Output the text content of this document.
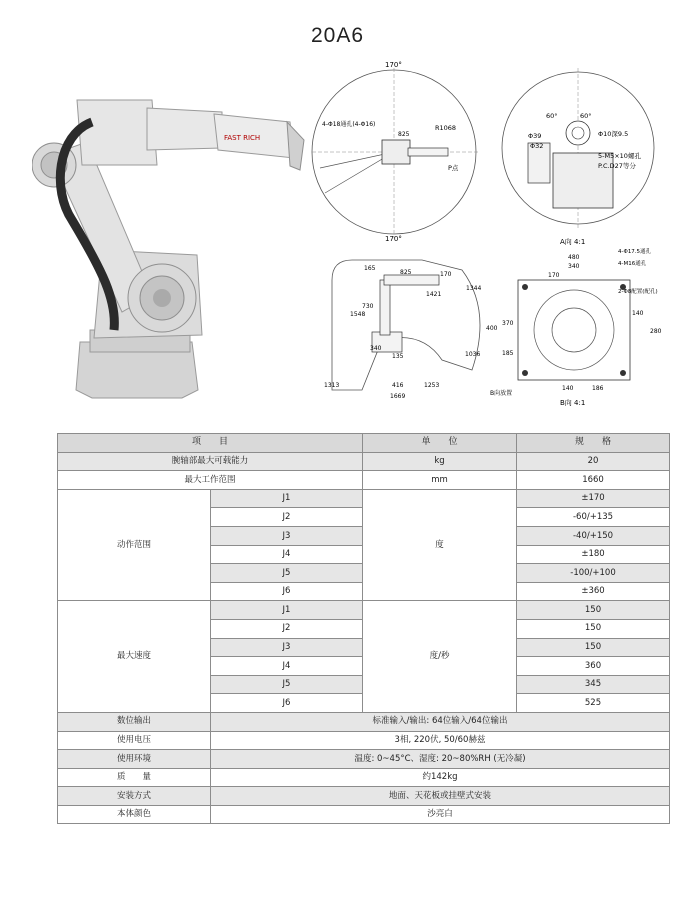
20A6
FAST RICH
170°
170°
4-Φ18通孔(4-Φ16)	R1068
825
P点
60°	60°
Φ39
Φ32
Φ10深9.5
5-M5×10螺孔
P.C.D27等分
A向 4:1
825	170
1421
1344
1036
135
1313	416	1253
1669
1548
730
340
165
480
340
170
400
370
185
140	186
280
140
4-Φ17.5通孔
4-M16通孔
2-Φ8配置(配孔)
B向放置
B向 4:1
项　　目		单　　位	规　　格
腕轴部最大可载能力		kg	20
最大工作范围		mm	1660
动作范围	J1	度	±170
	J2		-60/+135
	J3		-40/+150
	J4		±180
	J5		-100/+100
	J6		±360
最大速度	J1	度/秒	150
	J2		150
	J3		150
	J4		360
	J5		345
	J6		525
数位输出	标准输入/输出: 64位输入/64位输出		
使用电压	3相, 220伏, 50/60赫兹		
使用环境	温度: 0~45°C、湿度: 20~80%RH (无冷凝)		
质　　量	约142kg		
安装方式	地面、天花板或挂壁式安装		
本体颜色	沙亮白		
